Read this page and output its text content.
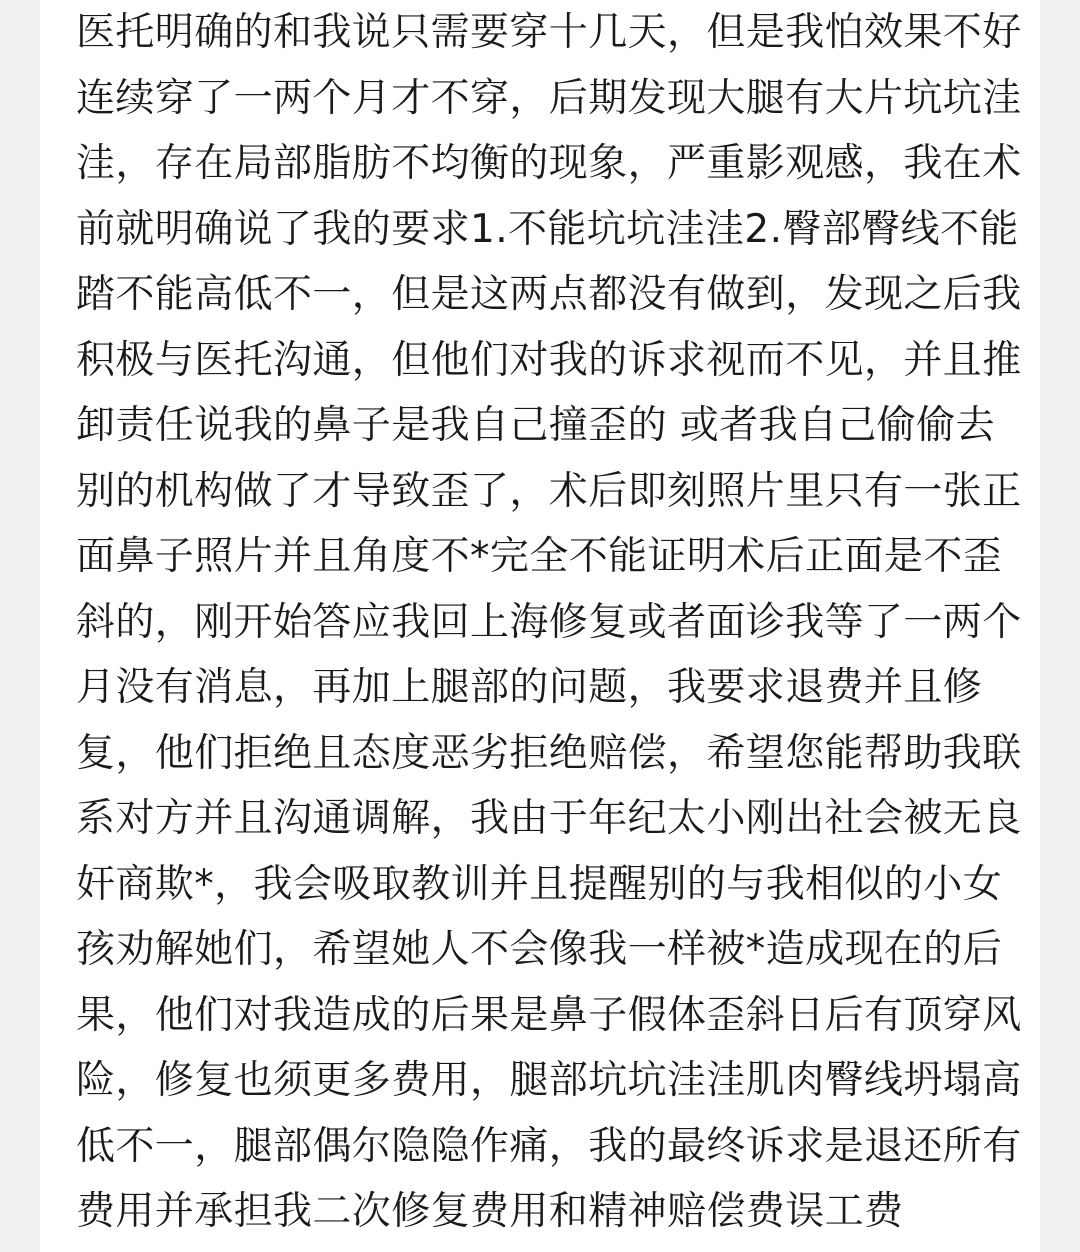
医托明确的和我说只需要穿十几天，但是我怕效果不好
连续穿了一两个月才不穿，后期发现大腿有大片坑坑洼
洼，存在局部脂肪不均衡的现象，严重影观感，我在术
前就明确说了我的要求1.不能坑坑洼洼2.臀部臀线不能
踏不能高低不一，但是这两点都没有做到，发现之后我
积极与医托沟通，但他们对我的诉求视而不见，并且推
卸责任说我的鼻子是我自己撞歪的 或者我自己偷偷去
别的机构做了才导致歪了，术后即刻照片里只有一张正
面鼻子照片并且角度不*完全不能证明术后正面是不歪
斜的，刚开始答应我回上海修复或者面诊我等了一两个
月没有消息，再加上腿部的问题，我要求退费并且修
复，他们拒绝且态度恶劣拒绝赔偿，希望您能帮助我联
系对方并且沟通调解，我由于年纪太小刚出社会被无良
奸商欺*，我会吸取教训并且提醒别的与我相似的小女
孩劝解她们，希望她人不会像我一样被*造成现在的后
果，他们对我造成的后果是鼻子假体歪斜日后有顶穿风
险，修复也须更多费用，腿部坑坑洼洼肌肉臀线坍塌高
低不一，腿部偶尔隐隐作痛，我的最终诉求是退还所有
费用并承担我二次修复费用和精神赔偿费误工费
